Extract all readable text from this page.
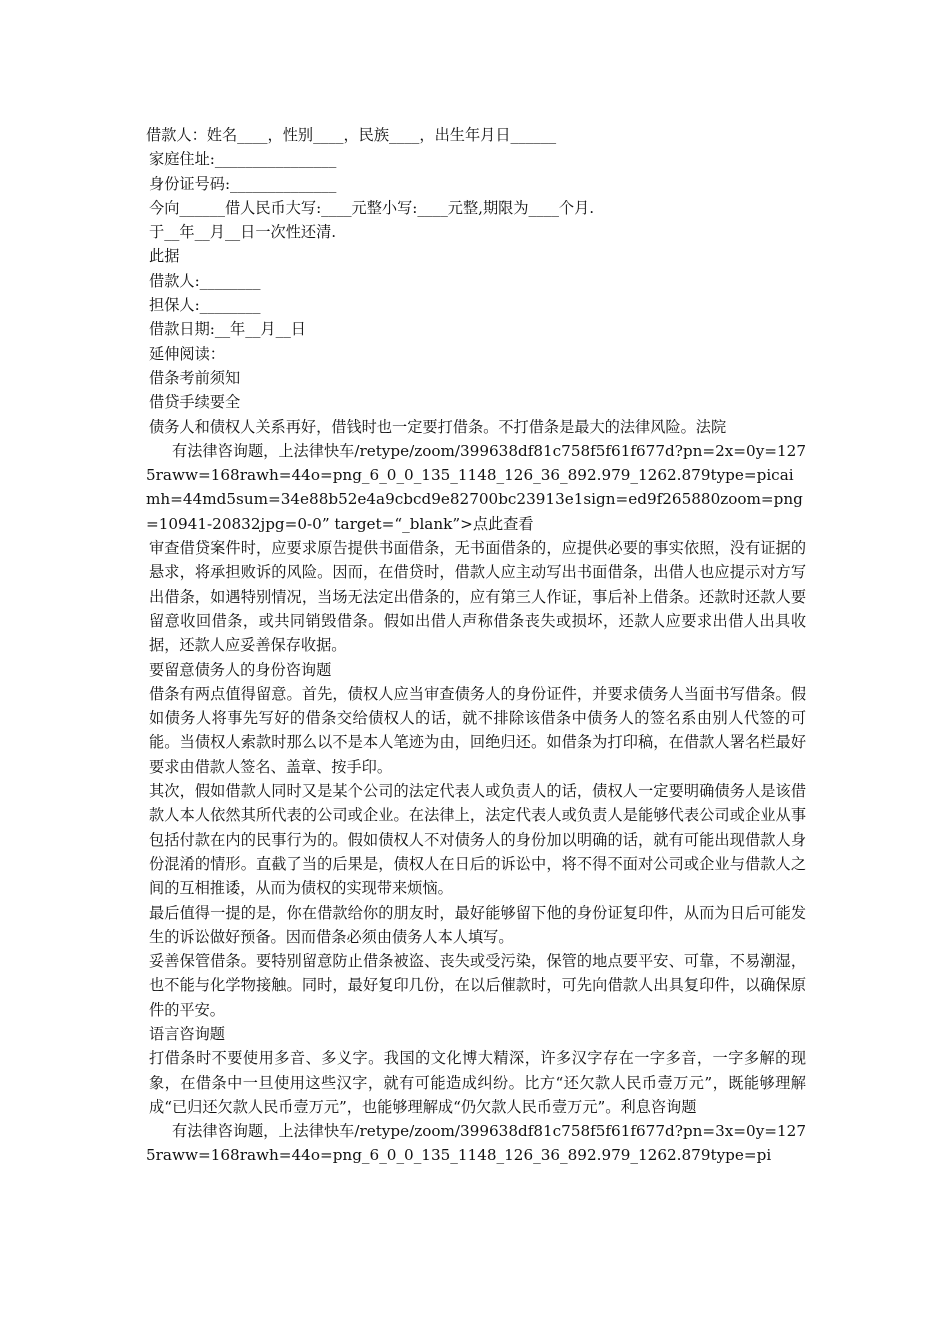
借款人：姓名____，性别____，民族____，出生年月日______
家庭住址:________________
身份证号码:______________
今向______借人民币大写:____元整小写:____元整,期限为____个月.
于__年__月__日一次性还清.
此据
借款人:________
担保人:________
借款日期:__年__月__日
延伸阅读：
借条考前须知
借贷手续要全
债务人和债权人关系再好，借钱时也一定要打借条。不打借条是最大的法律风险。法院
有法律咨询题，上法律快车/retype/zoom/399638df81c758f5f61f677d?pn=2x=0y=1275raww=168rawh=44o=png_6_0_0_135_1148_126_36_892.979_1262.879type=picaimh=44md5sum=34e88b52e4a9cbcd9e82700bc23913e1sign=ed9f265880zoom=png=10941-20832jpg=0-0” target=“_blank”>点此查看
审查借贷案件时，应要求原告提供书面借条，无书面借条的，应提供必要的事实依照，没有证据的悬求，将承担败诉的风险。因而，在借贷时，借款人应主动写出书面借条，出借人也应提示对方写出借条，如遇特别情况，当场无法定出借条的，应有第三人作证，事后补上借条。还款时还款人要留意收回借条，或共同销毁借条。假如出借人声称借条丧失或损坏，还款人应要求出借人出具收据，还款人应妥善保存收据。
要留意债务人的身份咨询题
借条有两点值得留意。首先，债权人应当审查债务人的身份证件，并要求债务人当面书写借条。假如债务人将事先写好的借条交给债权人的话，就不排除该借条中债务人的签名系由别人代签的可能。当债权人索款时那么以不是本人笔迹为由，回绝归还。如借条为打印稿，在借款人署名栏最好要求由借款人签名、盖章、按手印。
其次，假如借款人同时又是某个公司的法定代表人或负责人的话，债权人一定要明确债务人是该借款人本人依然其所代表的公司或企业。在法律上，法定代表人或负责人是能够代表公司或企业从事包括付款在内的民事行为的。假如债权人不对债务人的身份加以明确的话，就有可能出现借款人身份混淆的情形。直截了当的后果是，债权人在日后的诉讼中，将不得不面对公司或企业与借款人之间的互相推诿，从而为债权的实现带来烦恼。
最后值得一提的是，你在借款给你的朋友时，最好能够留下他的身份证复印件，从而为日后可能发生的诉讼做好预备。因而借条必须由债务人本人填写。
妥善保管借条。要特别留意防止借条被盗、丧失或受污染，保管的地点要平安、可靠，不易潮湿，也不能与化学物接触。同时，最好复印几份，在以后催款时，可先向借款人出具复印件，以确保原件的平安。
语言咨询题
打借条时不要使用多音、多义字。我国的文化博大精深，许多汉字存在一字多音，一字多解的现象，在借条中一旦使用这些汉字，就有可能造成纠纷。比方“还欠款人民币壹万元”，既能够理解成“已归还欠款人民币壹万元”，也能够理解成“仍欠款人民币壹万元”。利息咨询题
有法律咨询题，上法律快车/retype/zoom/399638df81c758f5f61f677d?pn=3x=0y=1275raww=168rawh=44o=png_6_0_0_135_1148_126_36_892.979_1262.879type=pi
